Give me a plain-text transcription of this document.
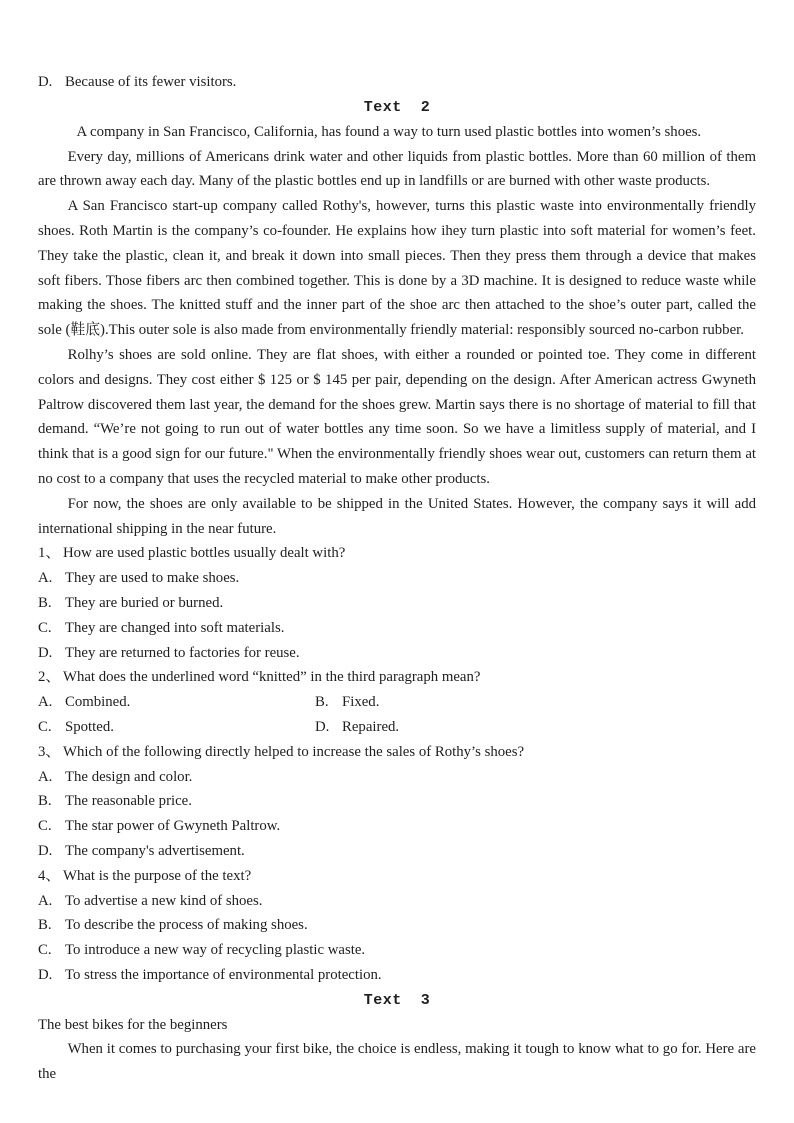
D. Because of its fewer visitors.
Text  2

A company in San Francisco, California, has found a way to turn used plastic bottles into women’s shoes.

Every day, millions of Americans drink water and other liquids from plastic bottles. More than 60 million of them are thrown away each day. Many of the plastic bottles end up in landfills or are burned with other waste products.

A San Francisco start-up company called Rothy's, however, turns this plastic waste into environmentally friendly shoes. Roth Martin is the company’s co-founder. He explains how ihey turn plastic into soft material for women’s feet. They take the plastic, clean it, and break it down into small pieces. Then they press them through a device that makes soft fibers. Those fibers arc then combined together. This is done by a 3D machine. It is designed to reduce waste while making the shoes. The knitted stuff and the inner part of the shoe arc then attached to the shoe’s outer part, called the sole (鞋底).This outer sole is also made from environmentally friendly material: responsibly sourced no-carbon rubber.

Rolhy’s shoes are sold online. They are flat shoes, with either a rounded or pointed toe. They come in different colors and designs. They cost either $ 125 or $ 145 per pair, depending on the design. After American actress Gwyneth Paltrow discovered them last year, the demand for the shoes grew. Martin says there is no shortage of material to fill that demand. “We’re not going to run out of water bottles any time soon. So we have a limitless supply of material, and I think that is a good sign for our future." When the environmentally friendly shoes wear out, customers can return them at no cost to a company that uses the recycled material to make other products.

For now, the shoes are only available to be shipped in the United States. However, the company says it will add international shipping in the near future.

1、 How are used plastic bottles usually dealt with?
A. They are used to make shoes.
B. They are buried or burned.
C. They are changed into soft materials.
D. They are returned to factories for reuse.
2、 What does the underlined word “knitted” in the third paragraph mean?
A. Combined.	B. Fixed.
C. Spotted.	D. Repaired.
3、 Which of the following directly helped to increase the sales of Rothy’s shoes?
A. The design and color.
B. The reasonable price.
C. The star power of Gwyneth Paltrow.
D. The company's advertisement.
4、 What is the purpose of the text?
A. To advertise a new kind of shoes.
B. To describe the process of making shoes.
C. To introduce a new way of recycling plastic waste.
D. To stress the importance of environmental protection.
Text  3
The best bikes for the beginners

When it comes to purchasing your first bike, the choice is endless, making it tough to know what to go for. Here are the
